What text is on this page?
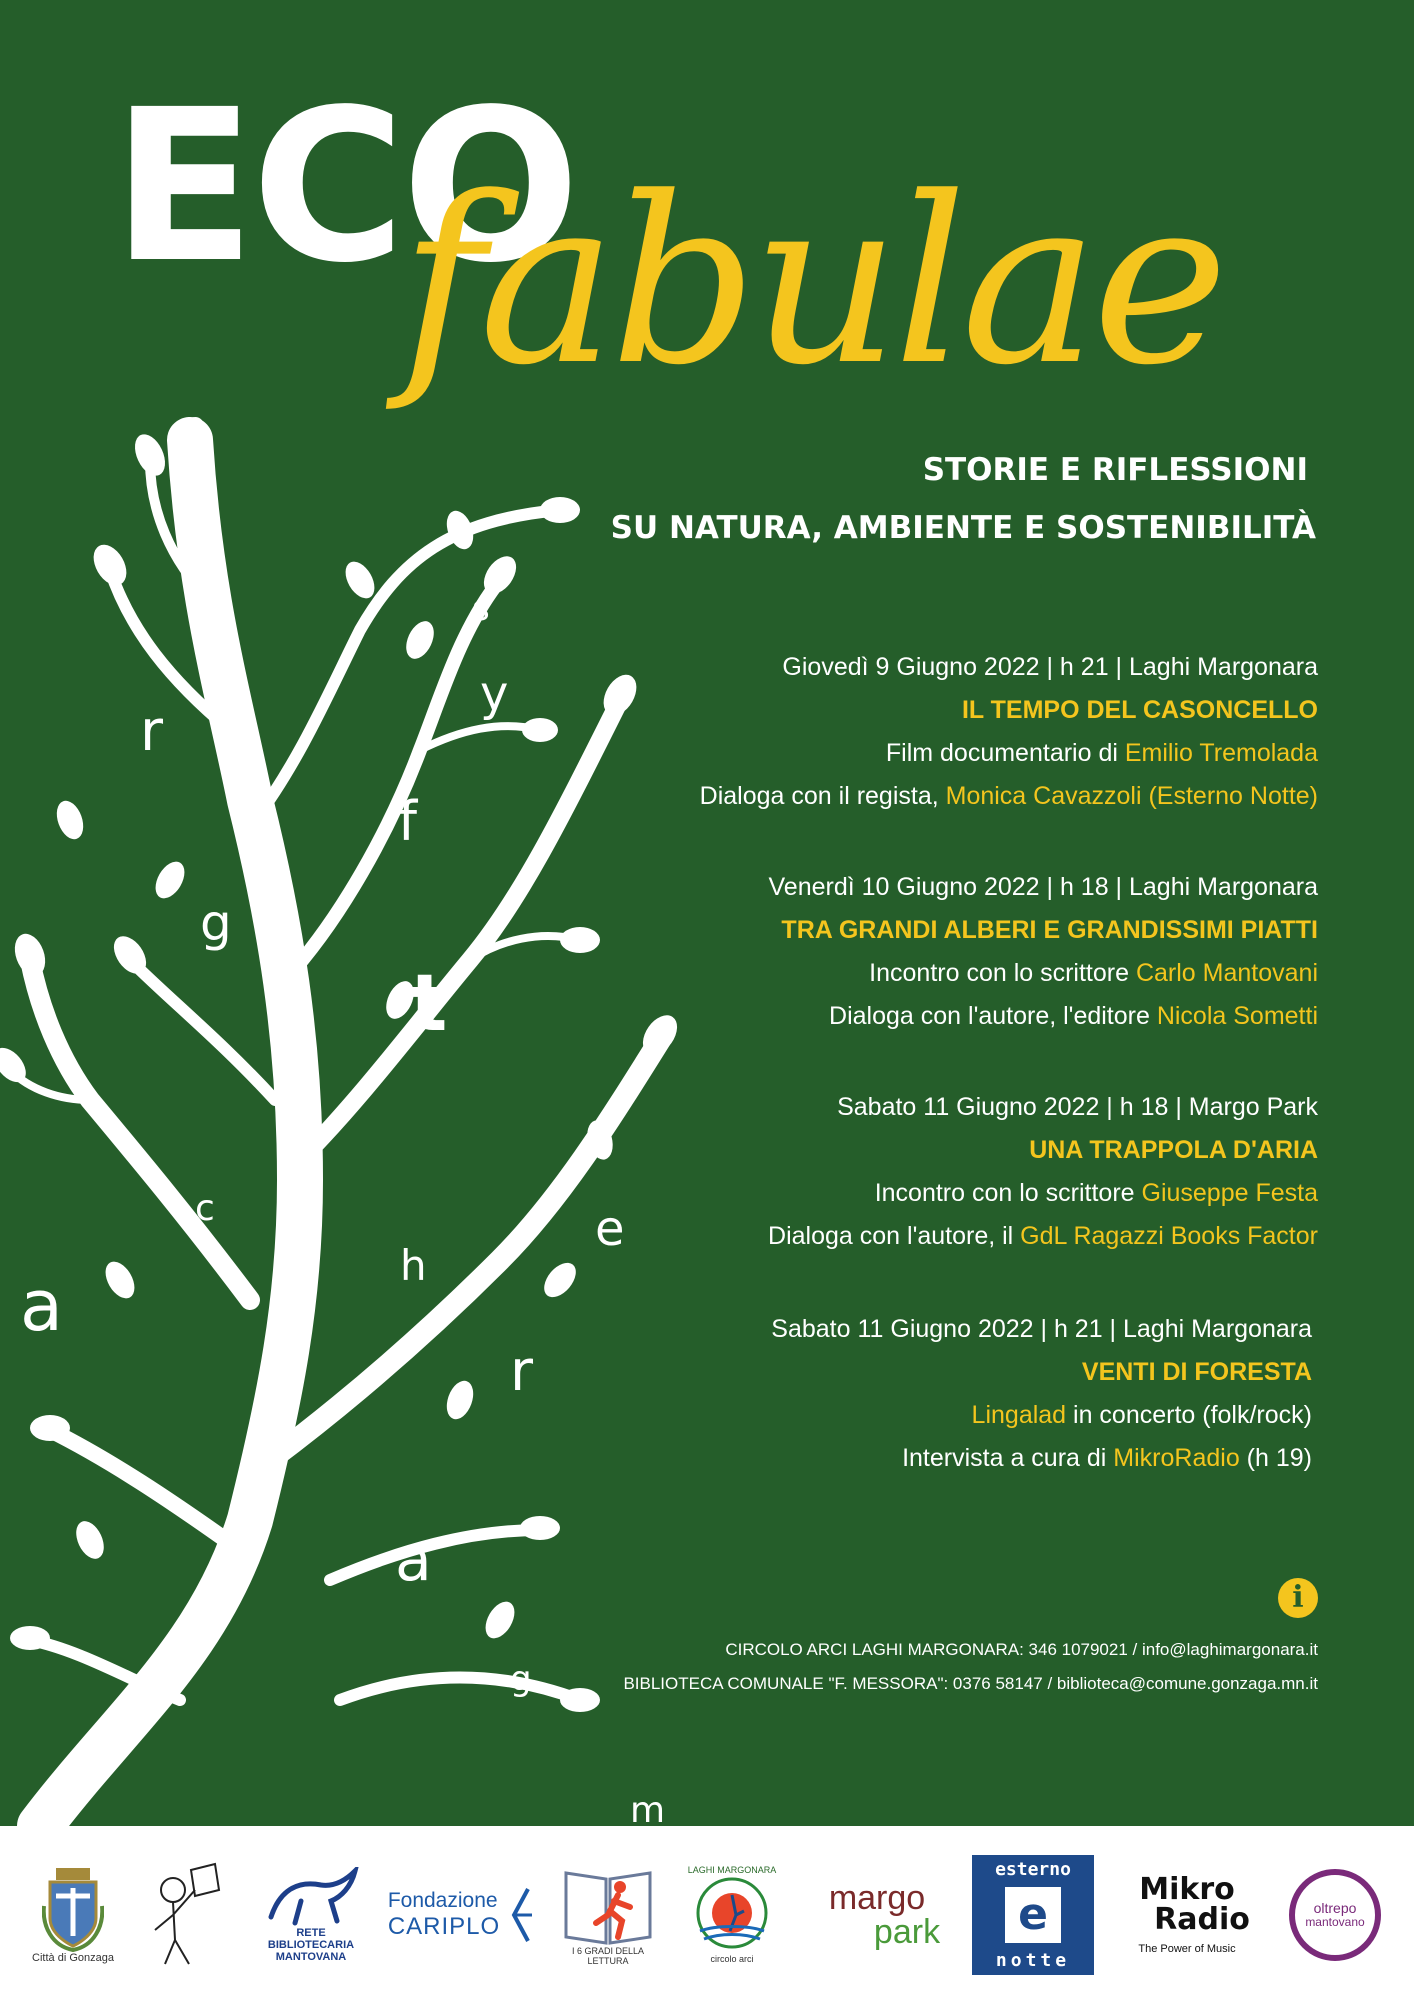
r
s
y
f
g
t
c	e
a	h
r
a
g
m
ECO
fabulae
STORIE E RIFLESSIONI
SU NATURA, AMBIENTE E SOSTENIBILITÀ
Giovedì 9 Giugno 2022 | h 21 | Laghi Margonara
IL TEMPO DEL CASONCELLO
Film documentario di Emilio Tremolada
Dialoga con il regista, Monica Cavazzoli (Esterno Notte)
Venerdì 10 Giugno 2022 | h 18 | Laghi Margonara
TRA GRANDI ALBERI E GRANDISSIMI PIATTI
Incontro con lo scrittore Carlo Mantovani
Dialoga con l'autore, l'editore Nicola Sometti
Sabato 11 Giugno 2022 | h 18 | Margo Park
UNA TRAPPOLA D'ARIA
Incontro con lo scrittore Giuseppe Festa
Dialoga con l'autore, il GdL Ragazzi Books Factor
Sabato 11 Giugno 2022 | h 21 | Laghi Margonara
VENTI DI FORESTA
Lingalad in concerto (folk/rock)
Intervista a cura di MikroRadio (h 19)
i
CIRCOLO ARCI LAGHI MARGONARA: 346 1079021 / info@laghimargonara.it
BIBLIOTECA COMUNALE "F. MESSORA": 0376 58147 / biblioteca@comune.gonzaga.mn.it
Città di Gonzaga
RETE
BIBLIOTECARIA
MANTOVANA
Fondazione
CARIPLO
I 6 GRADI DELLA LETTURA
LAGHI MARGONARA
circolo arci
margo
park
esterno
e
notte
Mikro
Radio
The Power of Music
oltrepo
mantovano
